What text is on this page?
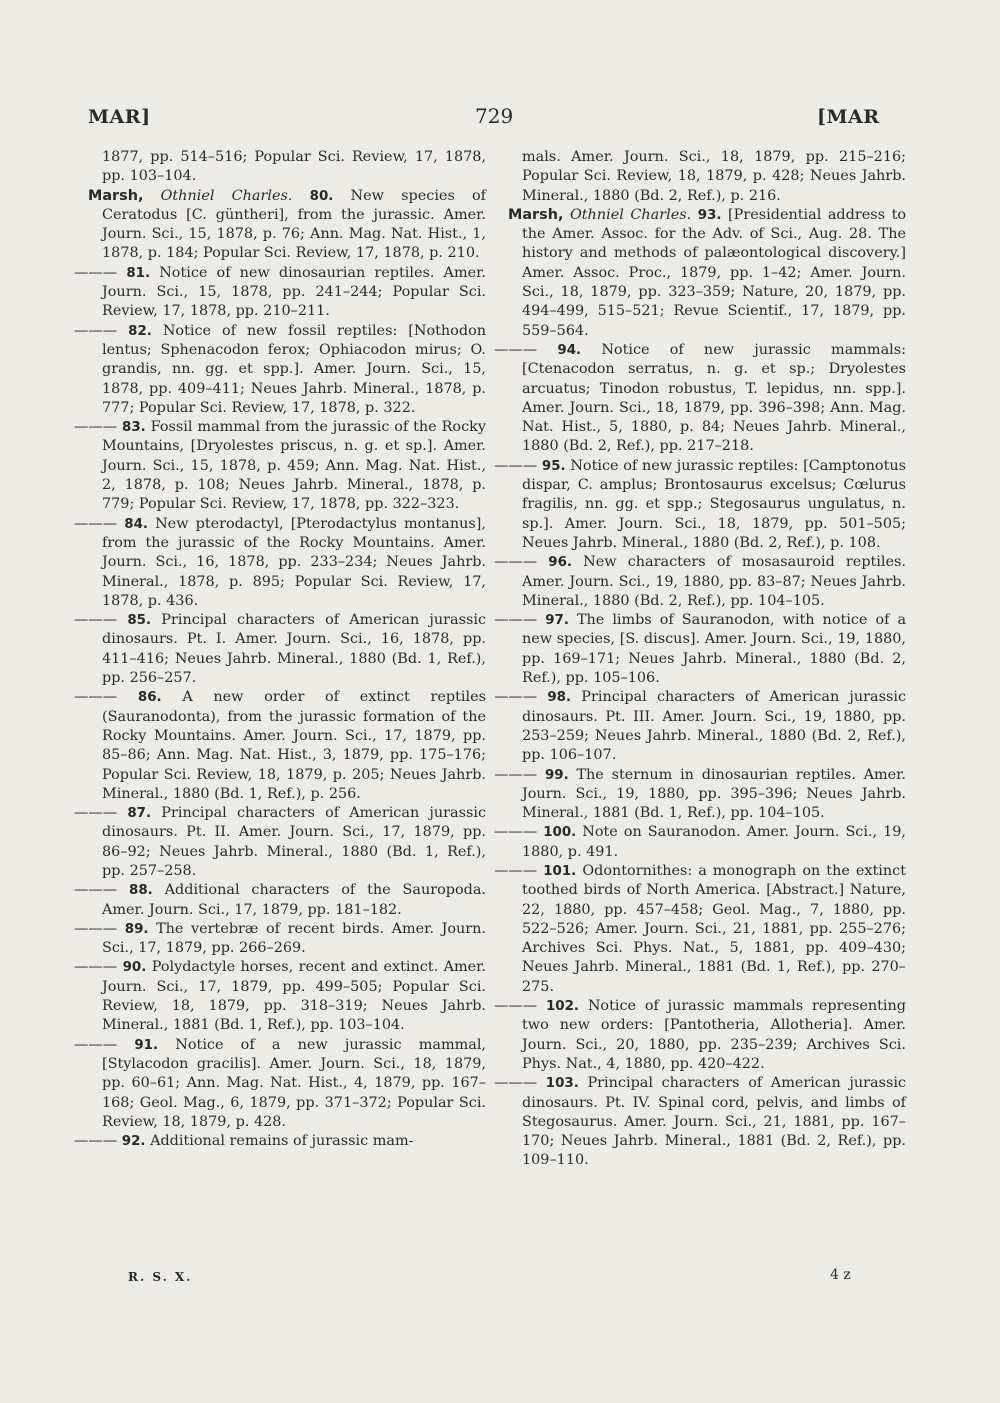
MAR]	729	[MAR
1877, pp. 514–516; Popular Sci. Review, 17, 1878, pp. 103–104.
Marsh, Othniel Charles. 80. New species of Ceratodus [C. güntheri], from the jurassic. Amer. Journ. Sci., 15, 1878, p. 76; Ann. Mag. Nat. Hist., 1, 1878, p. 184; Popular Sci. Review, 17, 1878, p. 210.
——— 81. Notice of new dinosaurian reptiles. Amer. Journ. Sci., 15, 1878, pp. 241–244; Popular Sci. Review, 17, 1878, pp. 210–211.
——— 82. Notice of new fossil reptiles: [Nothodon lentus; Sphenacodon ferox; Ophiacodon mirus; O. grandis, nn. gg. et spp.]. Amer. Journ. Sci., 15, 1878, pp. 409–411; Neues Jahrb. Mineral., 1878, p. 777; Popular Sci. Review, 17, 1878, p. 322.
——— 83. Fossil mammal from the jurassic of the Rocky Mountains, [Dryolestes priscus, n. g. et sp.]. Amer. Journ. Sci., 15, 1878, p. 459; Ann. Mag. Nat. Hist., 2, 1878, p. 108; Neues Jahrb. Mineral., 1878, p. 779; Popular Sci. Review, 17, 1878, pp. 322–323.
——— 84. New pterodactyl, [Pterodactylus montanus], from the jurassic of the Rocky Mountains. Amer. Journ. Sci., 16, 1878, pp. 233–234; Neues Jahrb. Mineral., 1878, p. 895; Popular Sci. Review, 17, 1878, p. 436.
——— 85. Principal characters of American jurassic dinosaurs. Pt. I. Amer. Journ. Sci., 16, 1878, pp. 411–416; Neues Jahrb. Mineral., 1880 (Bd. 1, Ref.), pp. 256–257.
——— 86. A new order of extinct reptiles (Sauranodonta), from the jurassic formation of the Rocky Mountains. Amer. Journ. Sci., 17, 1879, pp. 85–86; Ann. Mag. Nat. Hist., 3, 1879, pp. 175–176; Popular Sci. Review, 18, 1879, p. 205; Neues Jahrb. Mineral., 1880 (Bd. 1, Ref.), p. 256.
——— 87. Principal characters of American jurassic dinosaurs. Pt. II. Amer. Journ. Sci., 17, 1879, pp. 86–92; Neues Jahrb. Mineral., 1880 (Bd. 1, Ref.), pp. 257–258.
——— 88. Additional characters of the Sauropoda. Amer. Journ. Sci., 17, 1879, pp. 181–182.
——— 89. The vertebræ of recent birds. Amer. Journ. Sci., 17, 1879, pp. 266–269.
——— 90. Polydactyle horses, recent and extinct. Amer. Journ. Sci., 17, 1879, pp. 499–505; Popular Sci. Review, 18, 1879, pp. 318–319; Neues Jahrb. Mineral., 1881 (Bd. 1, Ref.), pp. 103–104.
——— 91. Notice of a new jurassic mammal, [Stylacodon gracilis]. Amer. Journ. Sci., 18, 1879, pp. 60–61; Ann. Mag. Nat. Hist., 4, 1879, pp. 167–168; Geol. Mag., 6, 1879, pp. 371–372; Popular Sci. Review, 18, 1879, p. 428.
——— 92. Additional remains of jurassic mam-
mals. Amer. Journ. Sci., 18, 1879, pp. 215–216; Popular Sci. Review, 18, 1879, p. 428; Neues Jahrb. Mineral., 1880 (Bd. 2, Ref.), p. 216.
Marsh, Othniel Charles. 93. [Presidential address to the Amer. Assoc. for the Adv. of Sci., Aug. 28. The history and methods of palæontological discovery.] Amer. Assoc. Proc., 1879, pp. 1–42; Amer. Journ. Sci., 18, 1879, pp. 323–359; Nature, 20, 1879, pp. 494–499, 515–521; Revue Scientif., 17, 1879, pp. 559–564.
——— 94. Notice of new jurassic mammals: [Ctenacodon serratus, n. g. et sp.; Dryolestes arcuatus; Tinodon robustus, T. lepidus, nn. spp.]. Amer. Journ. Sci., 18, 1879, pp. 396–398; Ann. Mag. Nat. Hist., 5, 1880, p. 84; Neues Jahrb. Mineral., 1880 (Bd. 2, Ref.), pp. 217–218.
——— 95. Notice of new jurassic reptiles: [Camptonotus dispar, C. amplus; Brontosaurus excelsus; Cœlurus fragilis, nn. gg. et spp.; Stegosaurus ungulatus, n. sp.]. Amer. Journ. Sci., 18, 1879, pp. 501–505; Neues Jahrb. Mineral., 1880 (Bd. 2, Ref.), p. 108.
——— 96. New characters of mosasauroid reptiles. Amer. Journ. Sci., 19, 1880, pp. 83–87; Neues Jahrb. Mineral., 1880 (Bd. 2, Ref.), pp. 104–105.
——— 97. The limbs of Sauranodon, with notice of a new species, [S. discus]. Amer. Journ. Sci., 19, 1880, pp. 169–171; Neues Jahrb. Mineral., 1880 (Bd. 2, Ref.), pp. 105–106.
——— 98. Principal characters of American jurassic dinosaurs. Pt. III. Amer. Journ. Sci., 19, 1880, pp. 253–259; Neues Jahrb. Mineral., 1880 (Bd. 2, Ref.), pp. 106–107.
——— 99. The sternum in dinosaurian reptiles. Amer. Journ. Sci., 19, 1880, pp. 395–396; Neues Jahrb. Mineral., 1881 (Bd. 1, Ref.), pp. 104–105.
——— 100. Note on Sauranodon. Amer. Journ. Sci., 19, 1880, p. 491.
——— 101. Odontornithes: a monograph on the extinct toothed birds of North America. [Abstract.] Nature, 22, 1880, pp. 457–458; Geol. Mag., 7, 1880, pp. 522–526; Amer. Journ. Sci., 21, 1881, pp. 255–276; Archives Sci. Phys. Nat., 5, 1881, pp. 409–430; Neues Jahrb. Mineral., 1881 (Bd. 1, Ref.), pp. 270–275.
——— 102. Notice of jurassic mammals representing two new orders: [Pantotheria, Allotheria]. Amer. Journ. Sci., 20, 1880, pp. 235–239; Archives Sci. Phys. Nat., 4, 1880, pp. 420–422.
——— 103. Principal characters of American jurassic dinosaurs. Pt. IV. Spinal cord, pelvis, and limbs of Stegosaurus. Amer. Journ. Sci., 21, 1881, pp. 167–170; Neues Jahrb. Mineral., 1881 (Bd. 2, Ref.), pp. 109–110.
R. S. X.	4 z
